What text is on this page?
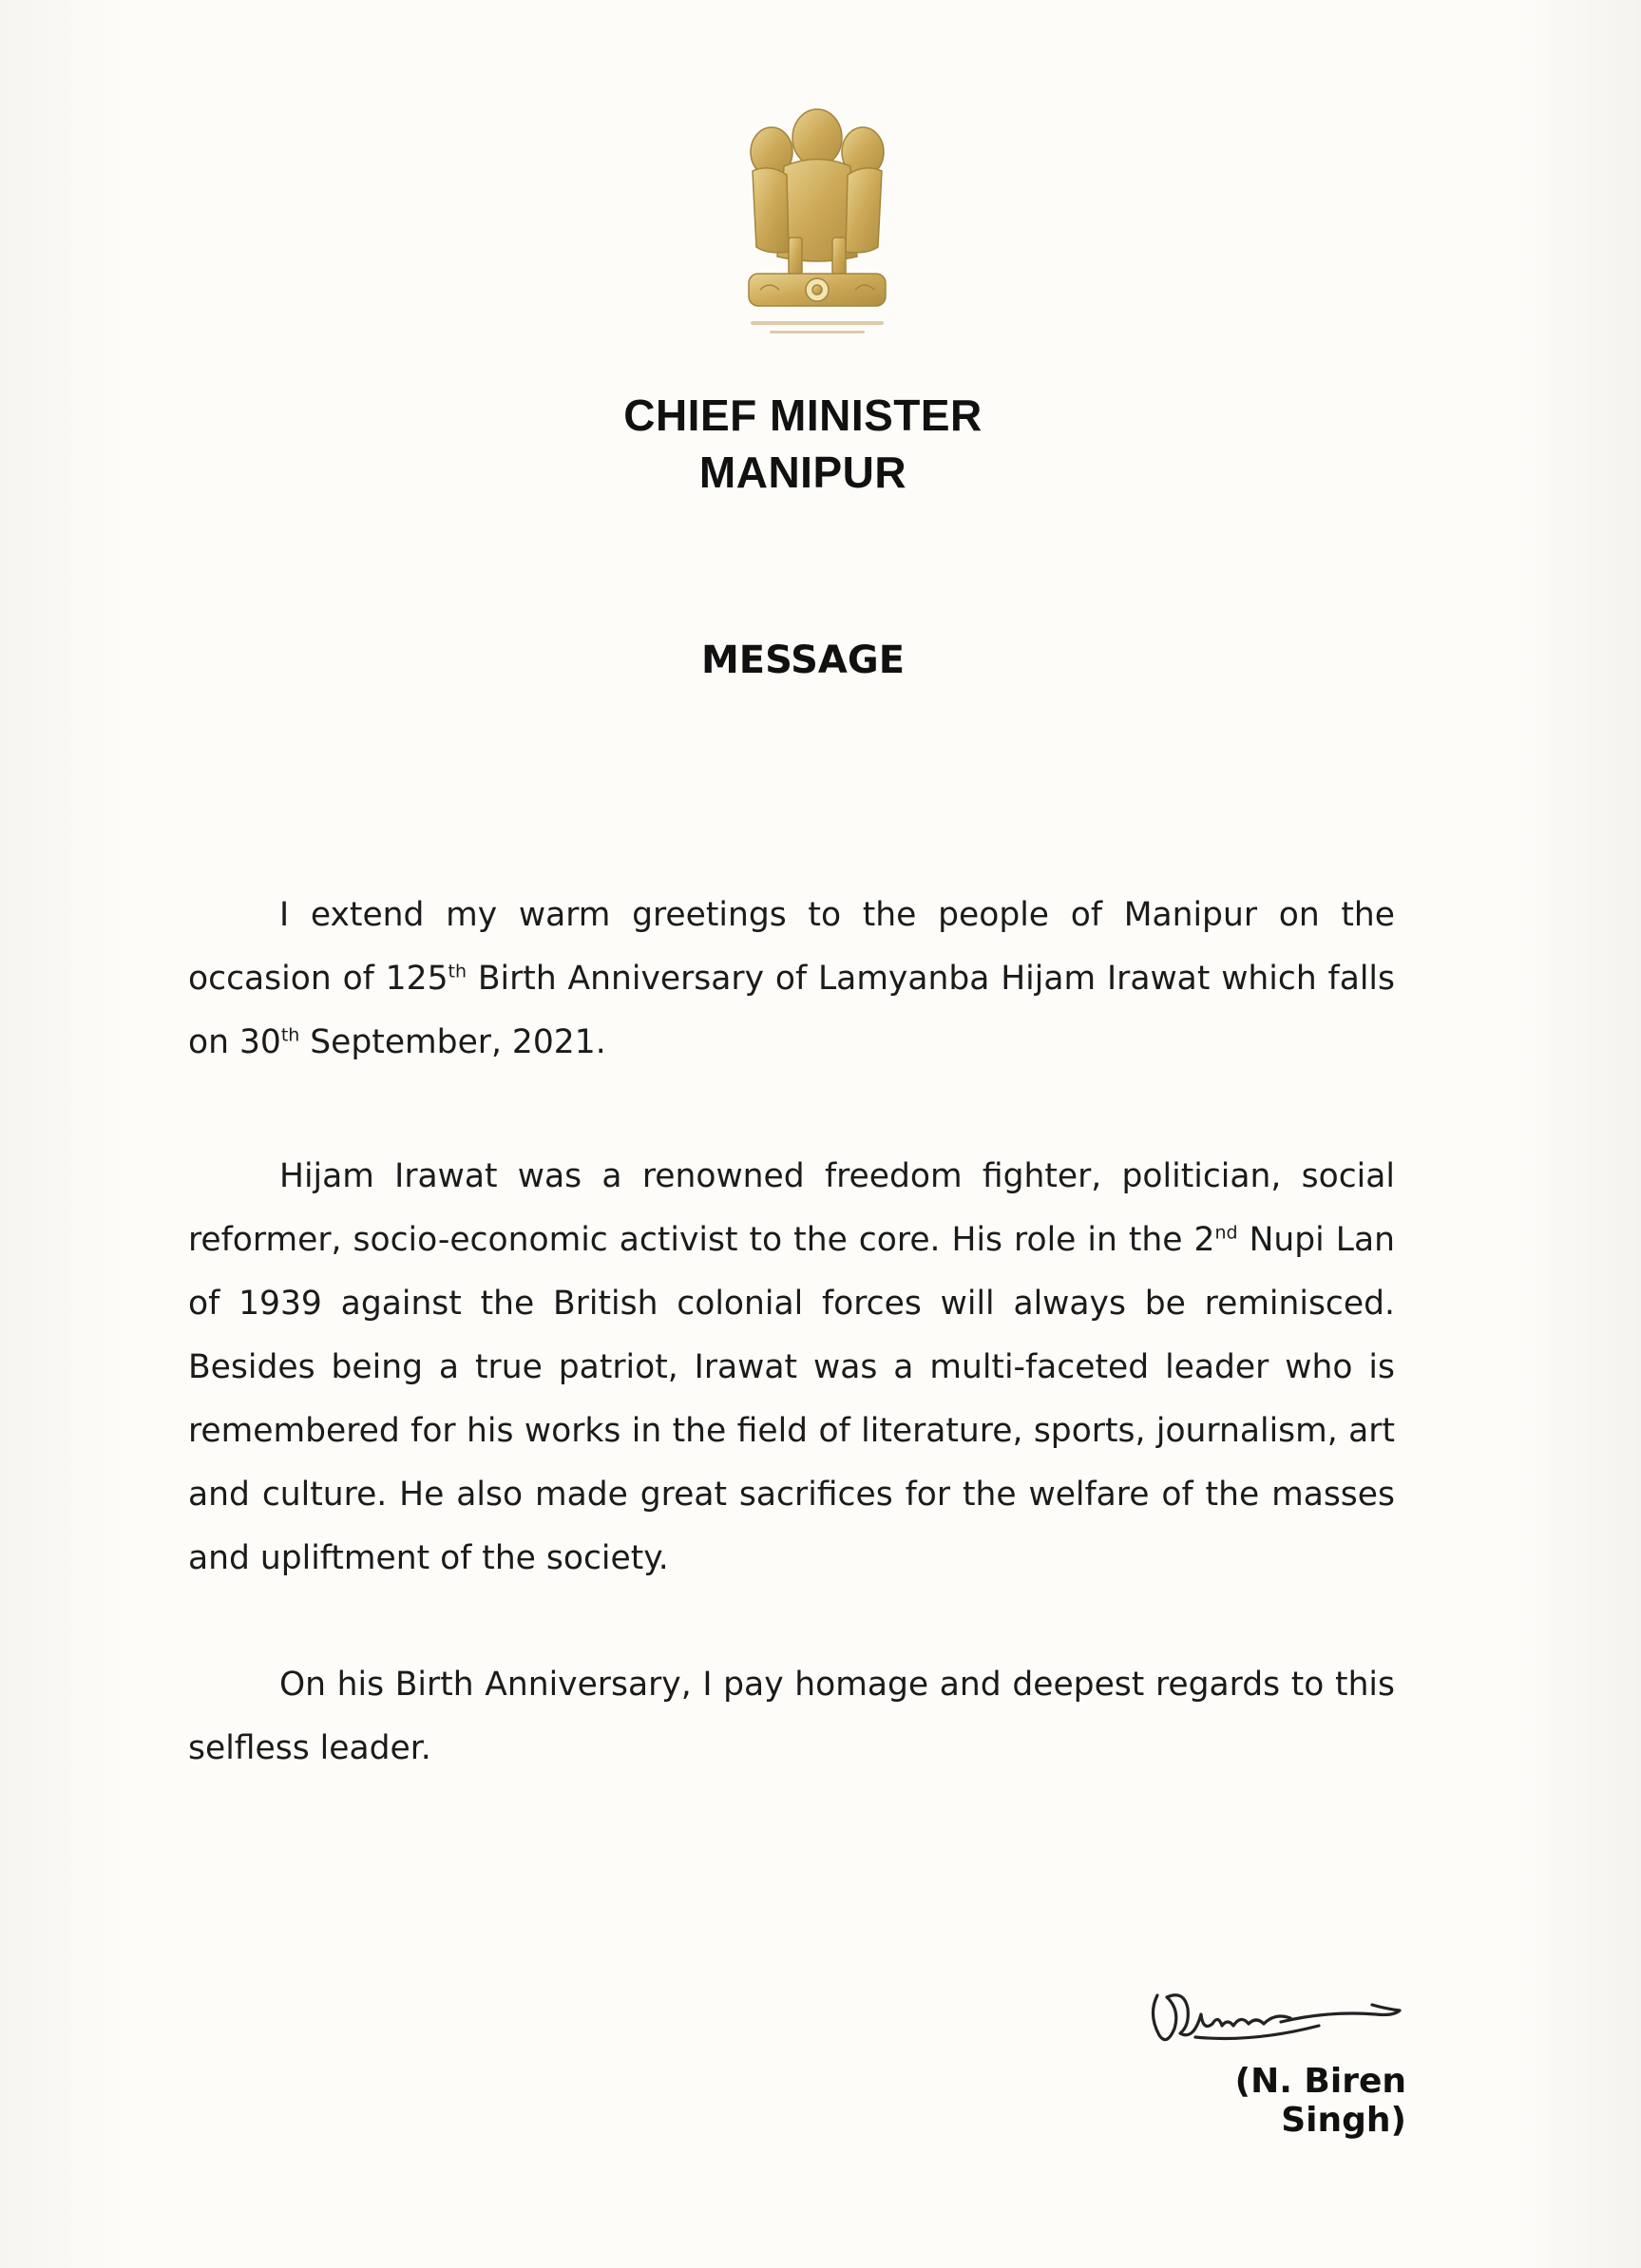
CHIEF MINISTER
MANIPUR
MESSAGE
I extend my warm greetings to the people of Manipur on the occasion of 125th Birth Anniversary of Lamyanba Hijam Irawat which falls on 30th September, 2021.
Hijam Irawat was a renowned freedom fighter, politician, social reformer, socio-economic activist to the core. His role in the 2nd Nupi Lan of 1939 against the British colonial forces will always be reminisced. Besides being a true patriot, Irawat was a multi-faceted leader who is remembered for his works in the field of literature, sports, journalism, art and culture. He also made great sacrifices for the welfare of the masses and upliftment of the society.
On his Birth Anniversary, I pay homage and deepest regards to this selfless leader.
(N. Biren Singh)
